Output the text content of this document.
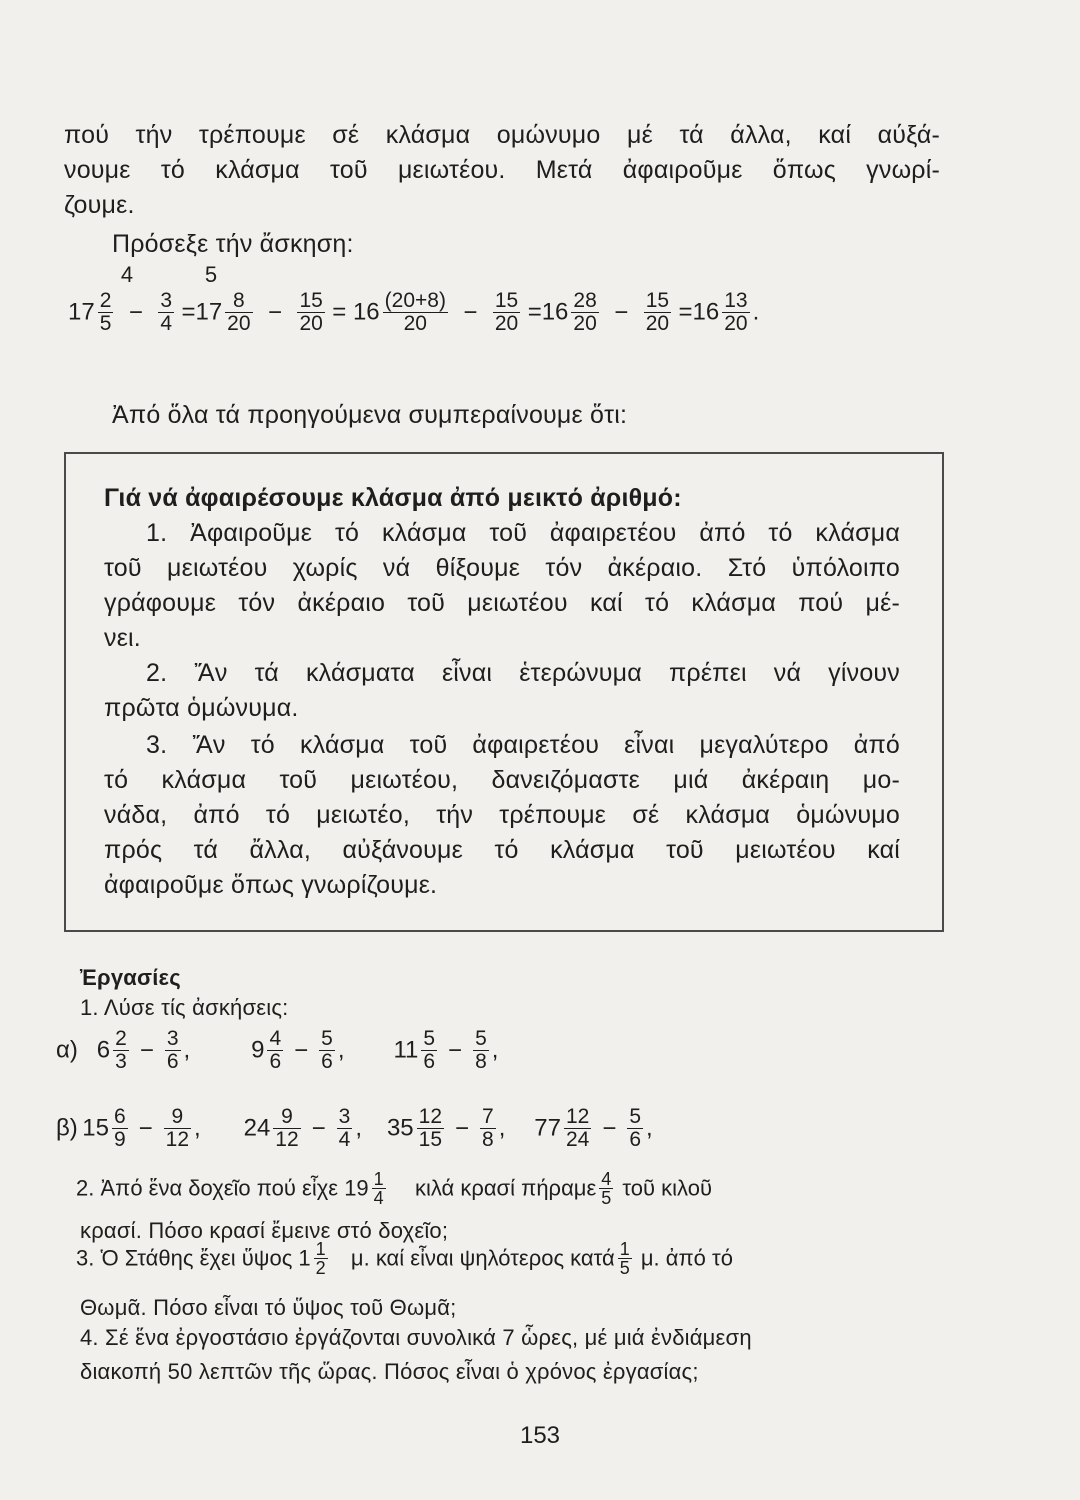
πού τήν τρέπουμε σέ κλάσμα ομώνυμο μέ τά άλλα, καί αύξά-

νουμε τό κλάσμα τοῦ μειωτέου. Μετά ἀφαιροῦμε ὅπως γνωρί-

ζουμε.

Πρόσεξε τήν ἄσκηση:

4	5
$17 \frac{2}{5} - \frac{3}{4} =17 \frac{8}{20} - \frac{15}{20} = 16 \frac{(20+8)}{20} - \frac{15}{20} =16 \frac{28}{20} - \frac{15}{20} =16 \frac{13}{20}$ .

Ἀπό ὅλα τά προηγούμενα συμπεραίνουμε ὅτι:

Γιά νά ἀφαιρέσουμε κλάσμα ἀπό μεικτό ἀριθμό:

1. Ἀφαιροῦμε τό κλάσμα τοῦ ἀφαιρετέου ἀπό τό κλάσμα

τοῦ μειωτέου χωρίς νά θίξουμε τόν ἀκέραιο. Στό ὑπόλοιπο

γράφουμε τόν ἀκέραιο τοῦ μειωτέου καί τό κλάσμα πού μέ-

νει.

2. Ἄν τά κλάσματα εἶναι ἑτερώνυμα πρέπει νά γίνουν

πρῶτα ὁμώνυμα.

3. Ἄν τό κλάσμα τοῦ ἀφαιρετέου εἶναι μεγαλύτερο ἀπό

τό κλάσμα τοῦ μειωτέου, δανειζόμαστε μιά ἀκέραιη μο-

νάδα, ἀπό τό μειωτέο, τήν τρέπουμε σέ κλάσμα ὁμώνυμο

πρός τά ἄλλα, αὐξάνουμε τό κλάσμα τοῦ μειωτέου καί

ἀφαιροῦμε ὅπως γνωρίζουμε.

Ἐργασίες

1. Λύσε τίς ἀσκήσεις:

α) $6 \frac{2}{3} - \frac{3}{6}$ ,	$9 \frac{4}{6} - \frac{5}{6}$ , $11 \frac{5}{6} - \frac{5}{8}$ ,
β) $15 \frac{6}{9} - \frac{9}{12}$ , $24 \frac{9}{12} - \frac{3}{4}$ , $35 \frac{12}{15} - \frac{7}{8}$ , $77 \frac{12}{24} - \frac{5}{6}$ ,
2. Ἀπό ἕνα δοχεῖο πού εἶχε $19 \frac{1}{4}$ κιλά κρασί πήραμε $\frac{4}{5}$ τοῦ κιλοῦ

κρασί. Πόσο κρασί ἔμεινε στό δοχεῖο;

3. Ὁ Στάθης ἔχει ὕψος $1 \frac{1}{2} \mu$. καί εἶναι ψηλότερος κατά $\frac{1}{5} \mu$. ἀπό τό

Θωμᾶ. Πόσο εἶναι τό ὕψος τοῦ Θωμᾶ;

4. Σέ ἕνα ἐργοστάσιο ἐργάζονται συνολικά 7 ὧρες, μέ μιά ἐνδιάμεση

διακοπή 50 λεπτῶν τῆς ὥρας. Πόσος εἶναι ὁ χρόνος ἐργασίας;

153
